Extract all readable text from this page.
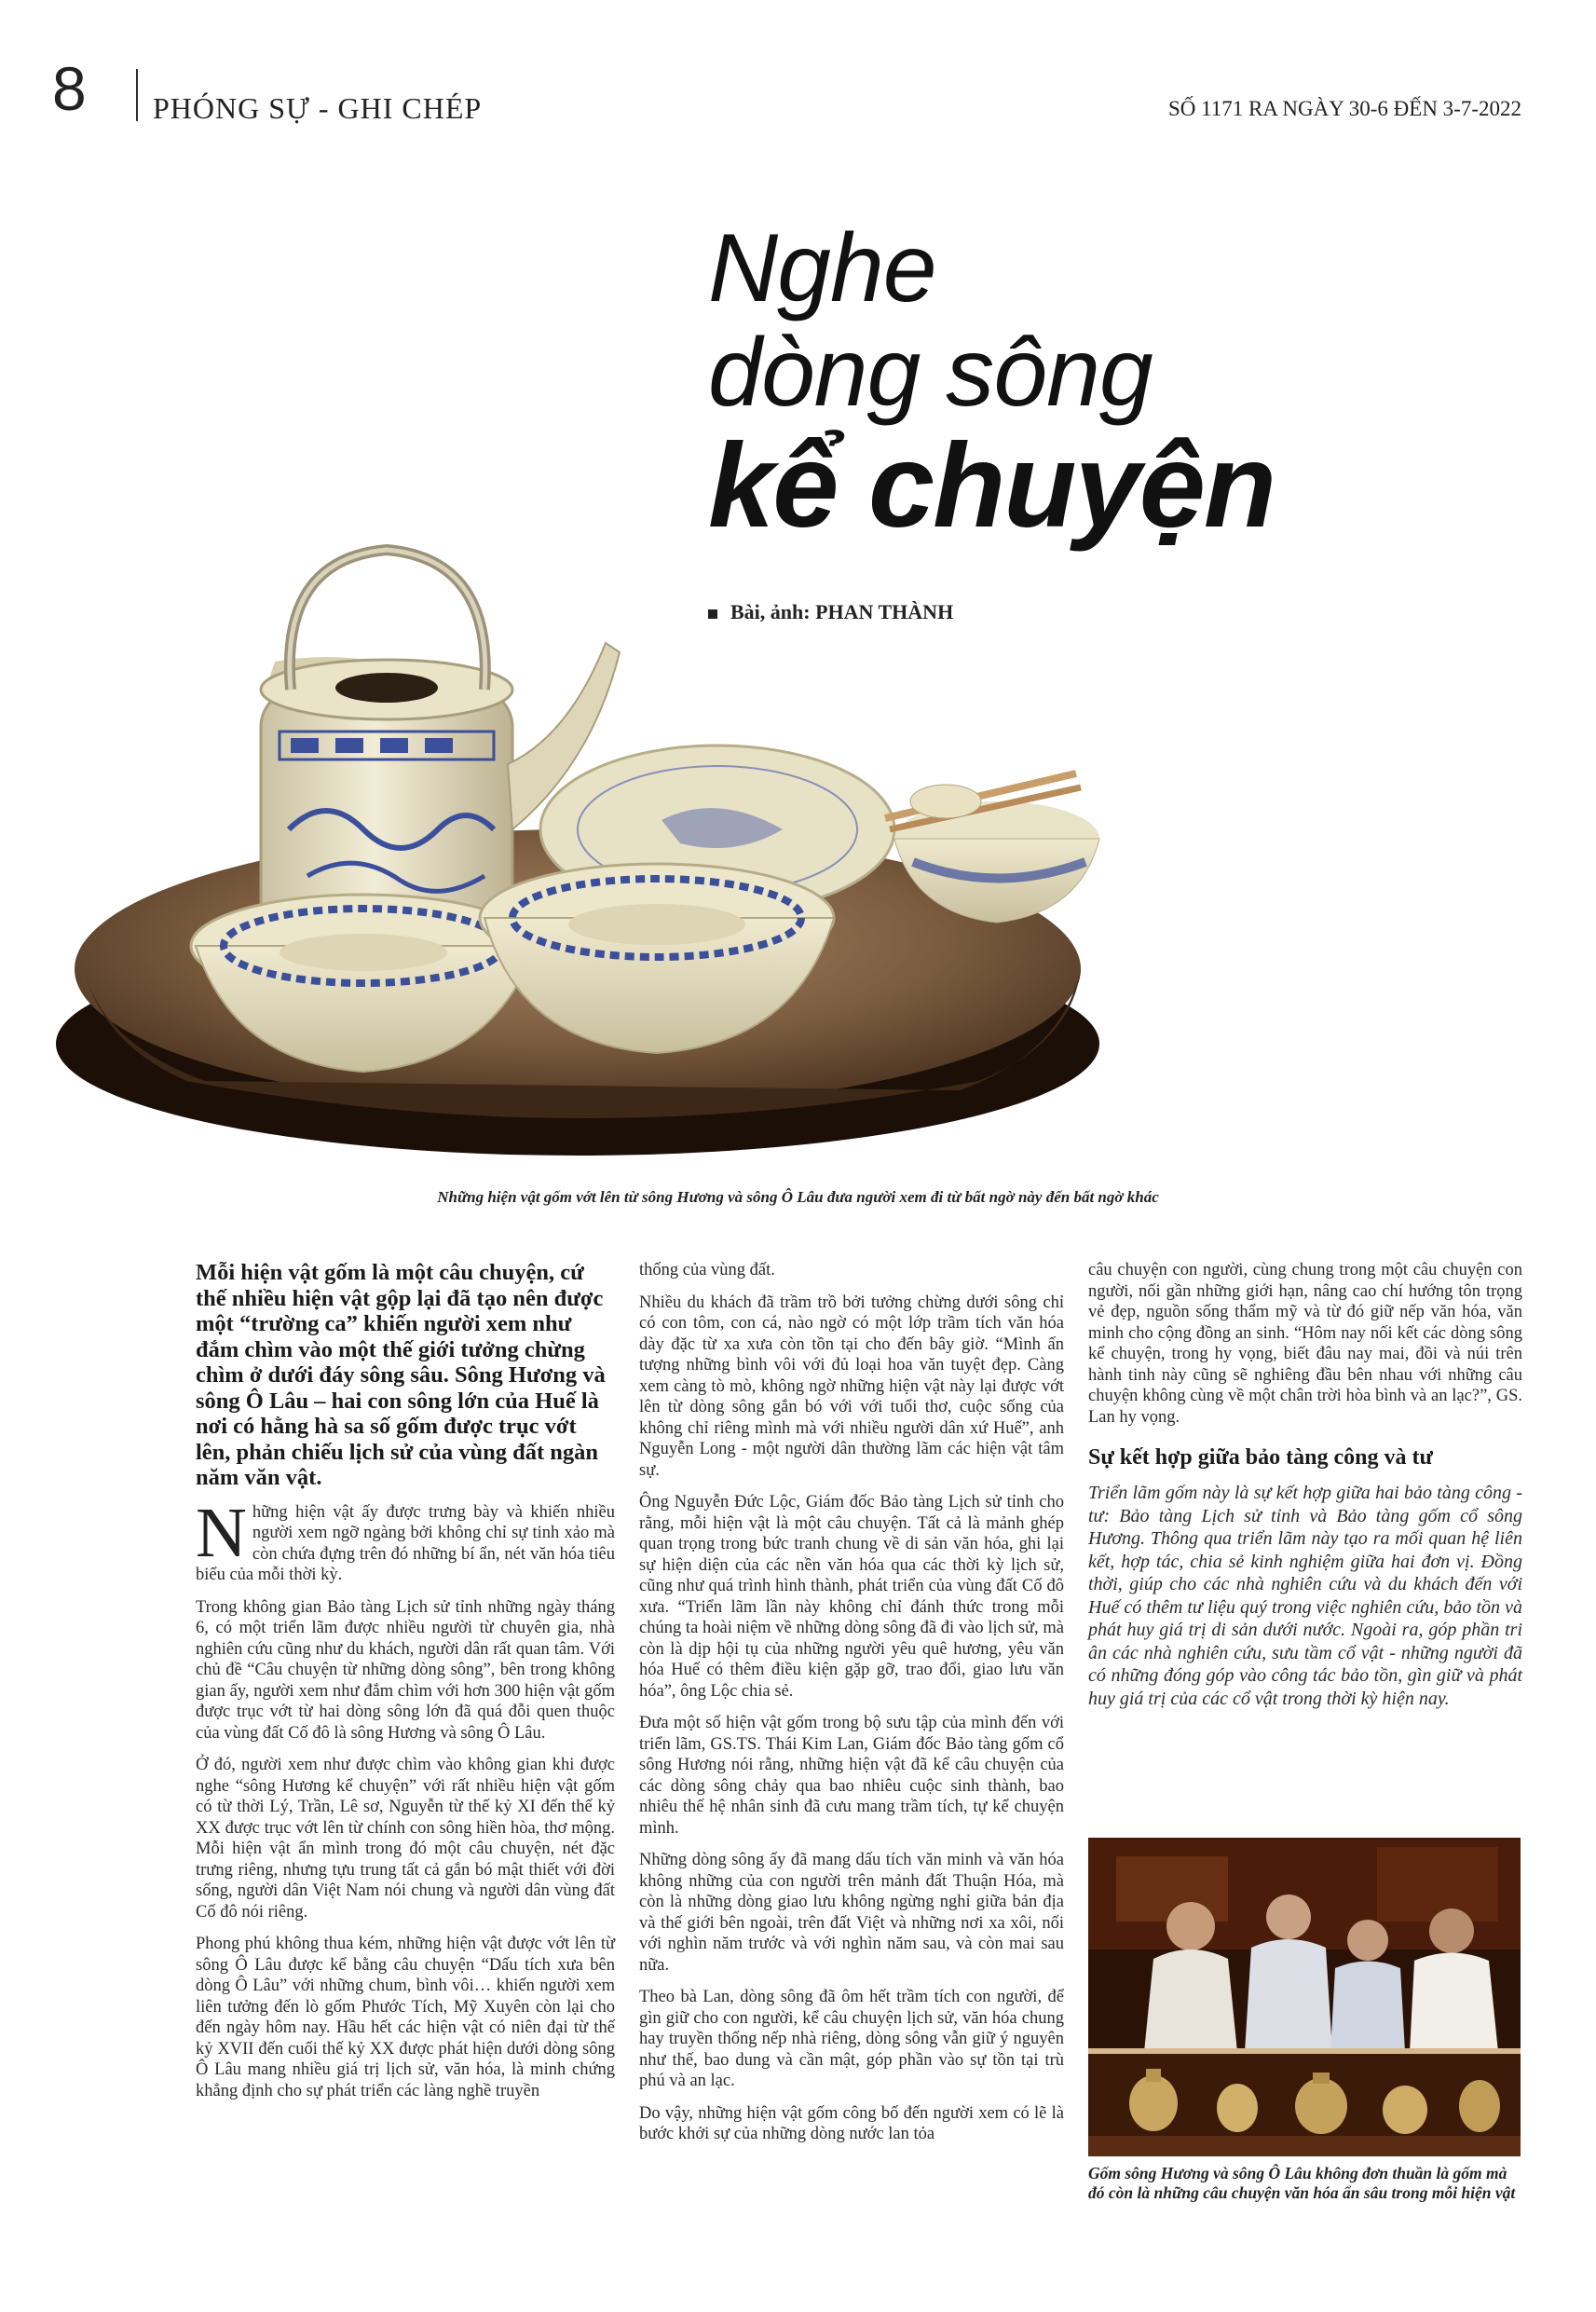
8 PHÓNG SỰ - GHI CHÉP	SỐ 1171 RA NGÀY 30-6 ĐẾN 3-7-2022
Nghe
dòng sông
kể chuyện
Bài, ảnh: PHAN THÀNH
Những hiện vật gốm vớt lên từ sông Hương và sông Ô Lâu đưa người xem đi từ bất ngờ này đến bất ngờ khác

Mỗi hiện vật gốm là một câu chuyện, cứ thế nhiều hiện vật gộp lại đã tạo nên được một “trường ca” khiến người xem như đắm chìm vào một thế giới tưởng chừng chìm ở dưới đáy sông sâu. Sông Hương và sông Ô Lâu – hai con sông lớn của Huế là nơi có hằng hà sa số gốm được trục vớt lên, phản chiếu lịch sử của vùng đất ngàn năm văn vật.

Những hiện vật ấy được trưng bày và khiến nhiều người xem ngỡ ngàng bởi không chỉ sự tinh xảo mà còn chứa đựng trên đó những bí ẩn, nét văn hóa tiêu biểu của mỗi thời kỳ.

Trong không gian Bảo tàng Lịch sử tỉnh những ngày tháng 6, có một triển lãm được nhiều người từ chuyên gia, nhà nghiên cứu cũng như du khách, người dân rất quan tâm. Với chủ đề “Câu chuyện từ những dòng sông”, bên trong không gian ấy, người xem như đắm chìm với hơn 300 hiện vật gốm được trục vớt từ hai dòng sông lớn đã quá đỗi quen thuộc của vùng đất Cố đô là sông Hương và sông Ô Lâu.

Ở đó, người xem như được chìm vào không gian khi được nghe “sông Hương kể chuyện” với rất nhiều hiện vật gốm có từ thời Lý, Trần, Lê sơ, Nguyễn từ thế kỷ XI đến thế kỷ XX được trục vớt lên từ chính con sông hiền hòa, thơ mộng. Mỗi hiện vật ẩn mình trong đó một câu chuyện, nét đặc trưng riêng, nhưng tựu trung tất cả gắn bó mật thiết với đời sống, người dân Việt Nam nói chung và người dân vùng đất Cố đô nói riêng.

Phong phú không thua kém, những hiện vật được vớt lên từ sông Ô Lâu được kể bằng câu chuyện “Dấu tích xưa bên dòng Ô Lâu” với những chum, bình vôi… khiến người xem liên tưởng đến lò gốm Phước Tích, Mỹ Xuyên còn lại cho đến ngày hôm nay. Hầu hết các hiện vật có niên đại từ thế kỷ XVII đến cuối thế kỷ XX được phát hiện dưới dòng sông Ô Lâu mang nhiều giá trị lịch sử, văn hóa, là minh chứng khẳng định cho sự phát triển các làng nghề truyền

thống của vùng đất.

Nhiều du khách đã trầm trồ bởi tưởng chừng dưới sông chỉ có con tôm, con cá, nào ngờ có một lớp trầm tích văn hóa dày đặc từ xa xưa còn tồn tại cho đến bây giờ. “Mình ấn tượng những bình vôi với đủ loại hoa văn tuyệt đẹp. Càng xem càng tò mò, không ngờ những hiện vật này lại được vớt lên từ dòng sông gắn bó với với tuổi thơ, cuộc sống của không chỉ riêng mình mà với nhiều người dân xứ Huế”, anh Nguyễn Long - một người dân thường lãm các hiện vật tâm sự.

Ông Nguyễn Đức Lộc, Giám đốc Bảo tàng Lịch sử tỉnh cho rằng, mỗi hiện vật là một câu chuyện. Tất cả là mảnh ghép quan trọng trong bức tranh chung về di sản văn hóa, ghi lại sự hiện diện của các nền văn hóa qua các thời kỳ lịch sử, cũng như quá trình hình thành, phát triển của vùng đất Cố đô xưa. “Triển lãm lần này không chỉ đánh thức trong mỗi chúng ta hoài niệm về những dòng sông đã đi vào lịch sử, mà còn là dịp hội tụ của những người yêu quê hương, yêu văn hóa Huế có thêm điều kiện gặp gỡ, trao đổi, giao lưu văn hóa”, ông Lộc chia sẻ.

Đưa một số hiện vật gốm trong bộ sưu tập của mình đến với triển lãm, GS.TS. Thái Kim Lan, Giám đốc Bảo tàng gốm cổ sông Hương nói rằng, những hiện vật đã kể câu chuyện của các dòng sông chảy qua bao nhiêu cuộc sinh thành, bao nhiêu thế hệ nhân sinh đã cưu mang trầm tích, tự kể chuyện mình.

Những dòng sông ấy đã mang dấu tích văn minh và văn hóa không những của con người trên mảnh đất Thuận Hóa, mà còn là những dòng giao lưu không ngừng nghỉ giữa bản địa và thế giới bên ngoài, trên đất Việt và những nơi xa xôi, nối với nghìn năm trước và với nghìn năm sau, và còn mai sau nữa.

Theo bà Lan, dòng sông đã ôm hết trầm tích con người, để gìn giữ cho con người, kể câu chuyện lịch sử, văn hóa chung hay truyền thống nếp nhà riêng, dòng sông vẫn giữ ý nguyên như thế, bao dung và cần mật, góp phần vào sự tồn tại trù phú và an lạc.

Do vậy, những hiện vật gốm công bố đến người xem có lẽ là bước khởi sự của những dòng nước lan tỏa

câu chuyện con người, cùng chung trong một câu chuyện con người, nối gần những giới hạn, nâng cao chí hướng tôn trọng vẻ đẹp, nguồn sống thẩm mỹ và từ đó giữ nếp văn hóa, văn minh cho cộng đồng an sinh. “Hôm nay nối kết các dòng sông kể chuyện, trong hy vọng, biết đâu nay mai, đồi và núi trên hành tinh này cũng sẽ nghiêng đầu bên nhau với những câu chuyện không cùng về một chân trời hòa bình và an lạc?”, GS. Lan hy vọng.

Sự kết hợp giữa bảo tàng công và tư

Triển lãm gốm này là sự kết hợp giữa hai bảo tàng công - tư: Bảo tàng Lịch sử tỉnh và Bảo tàng gốm cổ sông Hương. Thông qua triển lãm này tạo ra mối quan hệ liên kết, hợp tác, chia sẻ kinh nghiệm giữa hai đơn vị. Đồng thời, giúp cho các nhà nghiên cứu và du khách đến với Huế có thêm tư liệu quý trong việc nghiên cứu, bảo tồn và phát huy giá trị di sản dưới nước. Ngoài ra, góp phần tri ân các nhà nghiên cứu, sưu tầm cổ vật - những người đã có những đóng góp vào công tác bảo tồn, gìn giữ và phát huy giá trị của các cổ vật trong thời kỳ hiện nay.

Gốm sông Hương và sông Ô Lâu không đơn thuần là gốm mà đó còn là những câu chuyện văn hóa ẩn sâu trong mỗi hiện vật
